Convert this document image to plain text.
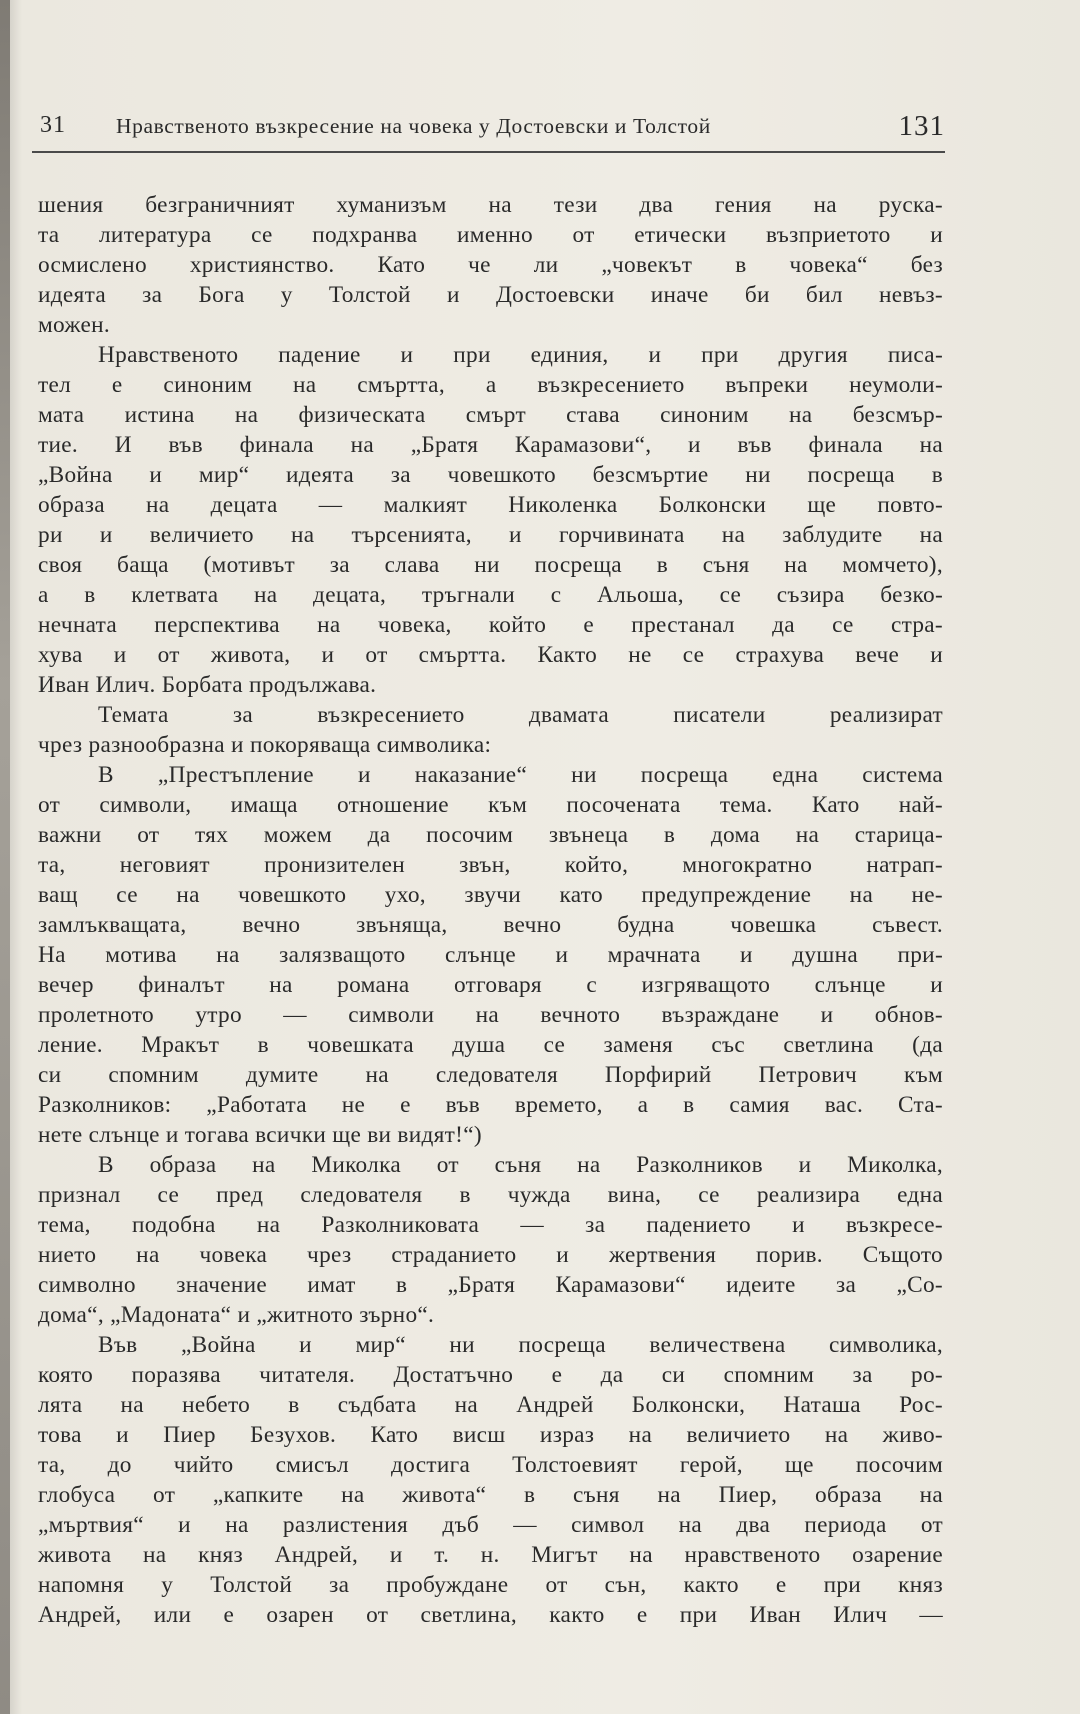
31 Нравственото възкресение на човека у Достоевски и Толстой	131
шения безграничният хуманизъм на тези два гения на руска-
та литература се подхранва именно от етически възприетото и
осмислено християнство. Като че ли „човекът в човека“ без
идеята за Бога у Толстой и Достоевски иначе би бил невъз-
можен.
Нравственото падение и при единия, и при другия писа-
тел е синоним на смъртта, а възкресението въпреки неумоли-
мата истина на физическата смърт става синоним на безсмър-
тие. И във финала на „Братя Карамазови“, и във финала на
„Война и мир“ идеята за човешкото безсмъртие ни посреща в
образа на децата — малкият Николенка Болконски ще повто-
ри и величието на търсенията, и горчивината на заблудите на
своя баща (мотивът за слава ни посреща в съня на момчето),
а в клетвата на децата, тръгнали с Альоша, се съзира безко-
нечната перспектива на човека, който е престанал да се стра-
хува и от живота, и от смъртта. Както не се страхува вече и
Иван Илич. Борбата продължава.
Темата за възкресението двамата писатели реализират
чрез разнообразна и покоряваща символика:
В „Престъпление и наказание“ ни посреща една система
от символи, имаща отношение към посочената тема. Като най-
важни от тях можем да посочим звънеца в дома на старица-
та, неговият пронизителен звън, който, многократно натрап-
ващ се на човешкото ухо, звучи като предупреждение на не-
замлъкващата, вечно звъняща, вечно будна човешка съвест.
На мотива на залязващото слънце и мрачната и душна при-
вечер финалът на романа отговаря с изгряващото слънце и
пролетното утро — символи на вечното възраждане и обнов-
ление. Мракът в човешката душа се заменя със светлина (да
си спомним думите на следователя Порфирий Петрович към
Разколников: „Работата не е във времето, а в самия вас. Ста-
нете слънце и тогава всички ще ви видят!“)
В образа на Миколка от съня на Разколников и Миколка,
признал се пред следователя в чужда вина, се реализира една
тема, подобна на Разколниковата — за падението и възкресе-
нието на човека чрез страданието и жертвения порив. Същото
символно значение имат в „Братя Карамазови“ идеите за „Со-
дома“, „Мадоната“ и „житното зърно“.
Във „Война и мир“ ни посреща величествена символика,
която поразява читателя. Достатъчно е да си спомним за ро-
лята на небето в съдбата на Андрей Болконски, Наташа Рос-
това и Пиер Безухов. Като висш израз на величието на живо-
та, до чийто смисъл достига Толстоевият герой, ще посочим
глобуса от „капките на живота“ в съня на Пиер, образа на
„мъртвия“ и на разлистения дъб — символ на два периода от
живота на княз Андрей, и т. н. Мигът на нравственото озарение
напомня у Толстой за пробуждане от сън, както е при княз
Андрей, или е озарен от светлина, както е при Иван Илич —
